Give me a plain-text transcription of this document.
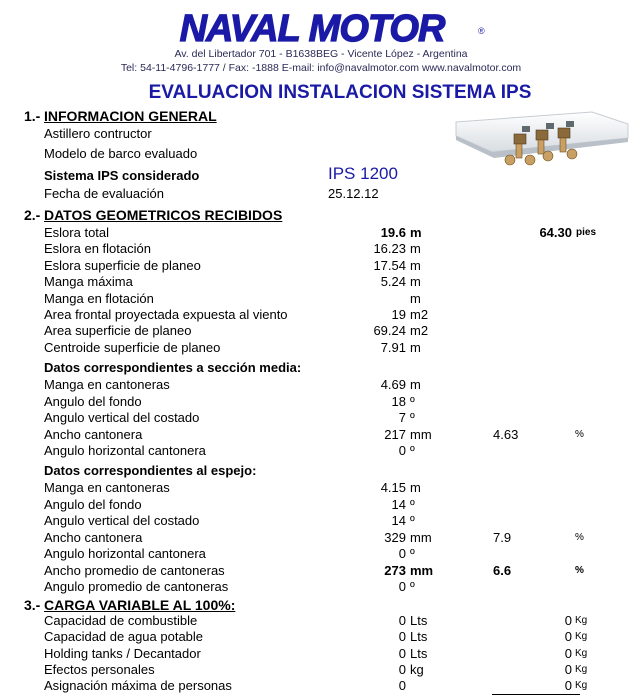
NAVAL MOTOR	®
Av. del Libertador 701 - B1638BEG - Vicente López - Argentina
Tel: 54-11-4796-1777 / Fax: -1888 E-mail: info@navalmotor.com www.navalmotor.com
EVALUACION INSTALACION SISTEMA IPS
1.- INFORMACION GENERAL
Astillero contructor
Modelo de barco evaluado
Sistema IPS considerado	IPS 1200
Fecha de evaluación	25.12.12
2.- DATOS GEOMETRICOS RECIBIDOS
Eslora total	19.6 m	64.30 pies
Eslora en flotación	16.23 m
Eslora superficie de planeo	17.54 m
Manga máxima	5.24 m
Manga en flotación	m
Area frontal proyectada expuesta al viento	19 m2
Area superficie de planeo	69.24 m2
Centroide superficie de planeo	7.91 m
Manga en cantoneras	4.69 m
Angulo del fondo	18 º
Angulo vertical del costado	7 º
Ancho cantonera	217 mm	4.63	%
Angulo horizontal cantonera	0 º
Manga en cantoneras	4.15 m
Angulo del fondo	14 º
Angulo vertical del costado	14 º
Ancho cantonera	329 mm	7.9	%
Angulo horizontal cantonera	0 º
Ancho promedio de cantoneras	273 mm	6.6	%
Angulo promedio de cantoneras	0 º
Capacidad de combustible	0 Lts	0 Kg
Capacidad de agua potable	0 Lts	0 Kg
Holding tanks / Decantador	0 Lts	0 Kg
Efectos personales	0 kg	0 Kg
Asignación máxima de personas	0	0 Kg
Datos correspondientes a sección media:
Datos correspondientes al espejo:
3.- CARGA VARIABLE AL 100%:
